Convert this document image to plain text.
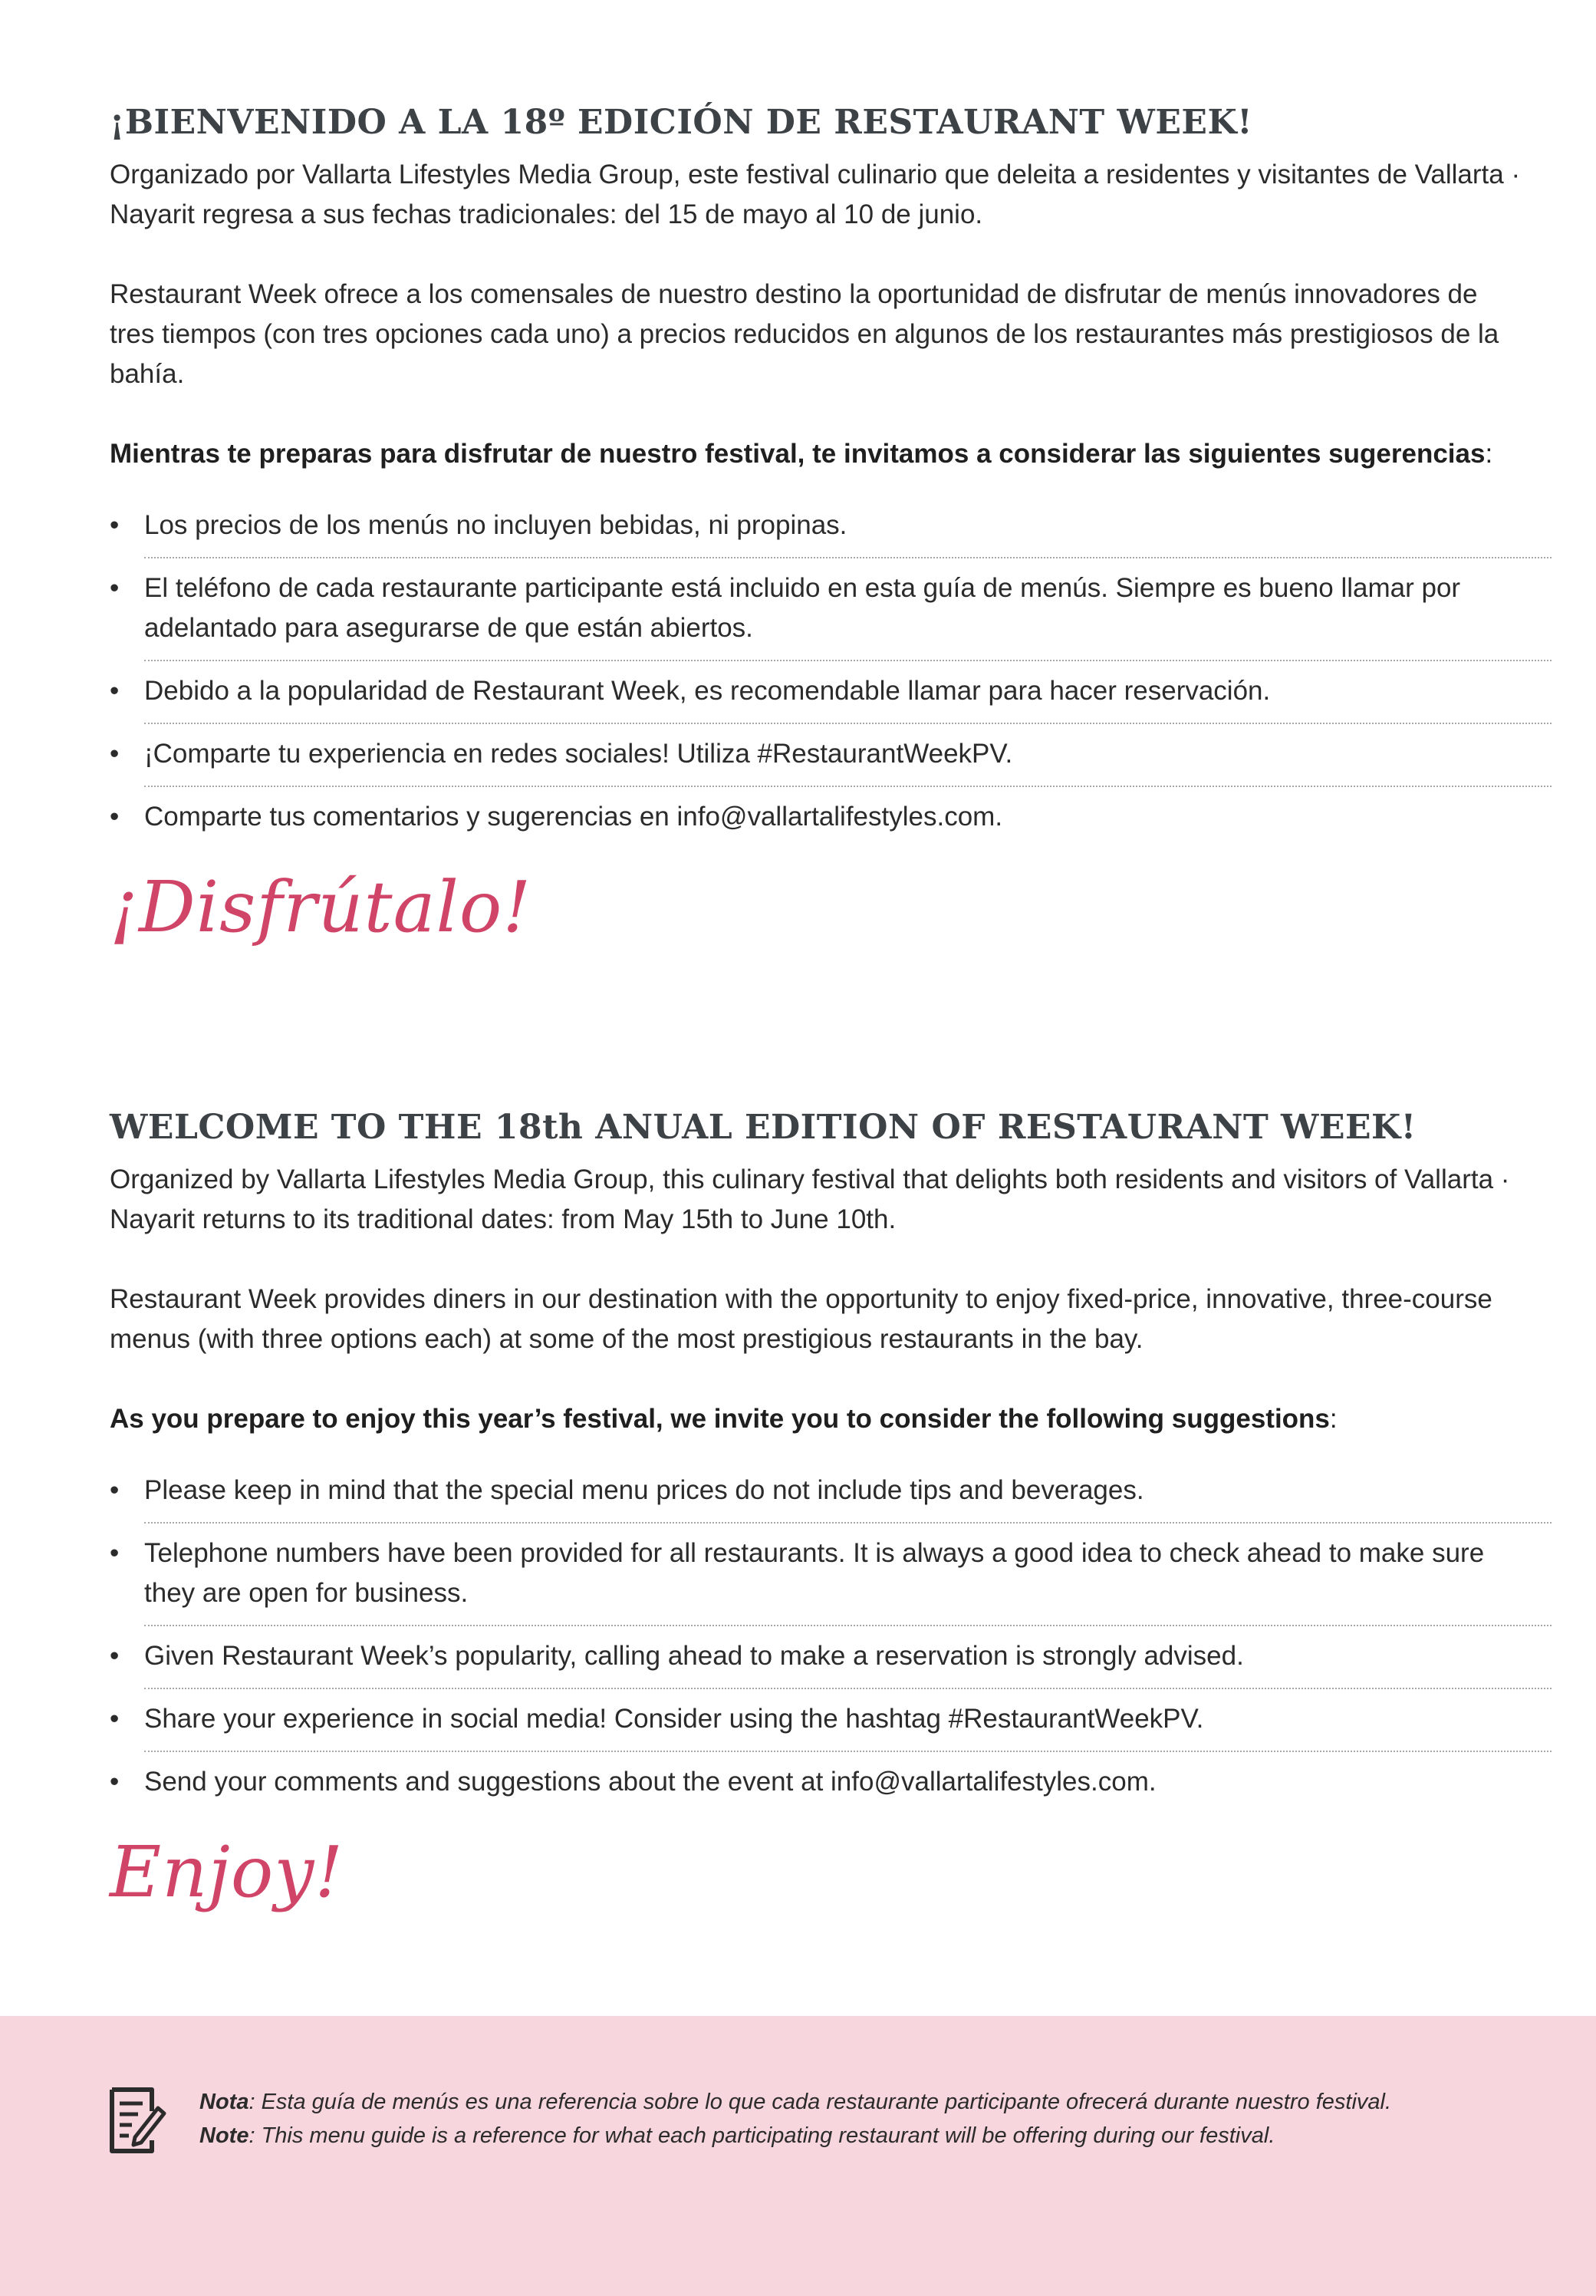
¡BIENVENIDO A LA 18º EDICIÓN DE RESTAURANT WEEK!

Organizado por Vallarta Lifestyles Media Group, este festival culinario que deleita a residentes y visitantes de Vallarta · Nayarit regresa a sus fechas tradicionales: del 15 de mayo al 10 de junio.

Restaurant Week ofrece a los comensales de nuestro destino la oportunidad de disfrutar de menús innovadores de tres tiempos (con tres opciones cada uno) a precios reducidos en algunos de los restaurantes más prestigiosos de la bahía.

Mientras te preparas para disfrutar de nuestro festival, te invitamos a considerar las siguientes sugerencias:

• Los precios de los menús no incluyen bebidas, ni propinas.
• El teléfono de cada restaurante participante está incluido en esta guía de menús. Siempre es bueno llamar por adelantado para asegurarse de que están abiertos.
• Debido a la popularidad de Restaurant Week, es recomendable llamar para hacer reservación.
• ¡Comparte tu experiencia en redes sociales! Utiliza #RestaurantWeekPV.
• Comparte tus comentarios y sugerencias en info@vallartalifestyles.com.
¡Disfrútalo!
WELCOME TO THE 18th ANUAL EDITION OF RESTAURANT WEEK!

Organized by Vallarta Lifestyles Media Group, this culinary festival that delights both residents and visitors of Vallarta · Nayarit returns to its traditional dates: from May 15th to June 10th.

Restaurant Week provides diners in our destination with the opportunity to enjoy fixed-price, innovative, three-course menus (with three options each) at some of the most prestigious restaurants in the bay.

As you prepare to enjoy this year’s festival, we invite you to consider the following suggestions:

• Please keep in mind that the special menu prices do not include tips and beverages.
• Telephone numbers have been provided for all restaurants. It is always a good idea to check ahead to make sure they are open for business.
• Given Restaurant Week’s popularity, calling ahead to make a reservation is strongly advised.
• Share your experience in social media! Consider using the hashtag #RestaurantWeekPV.
• Send your comments and suggestions about the event at info@vallartalifestyles.com.
Enjoy!
Nota: Esta guía de menús es una referencia sobre lo que cada restaurante participante ofrecerá durante nuestro festival.
Note: This menu guide is a reference for what each participating restaurant will be offering during our festival.
